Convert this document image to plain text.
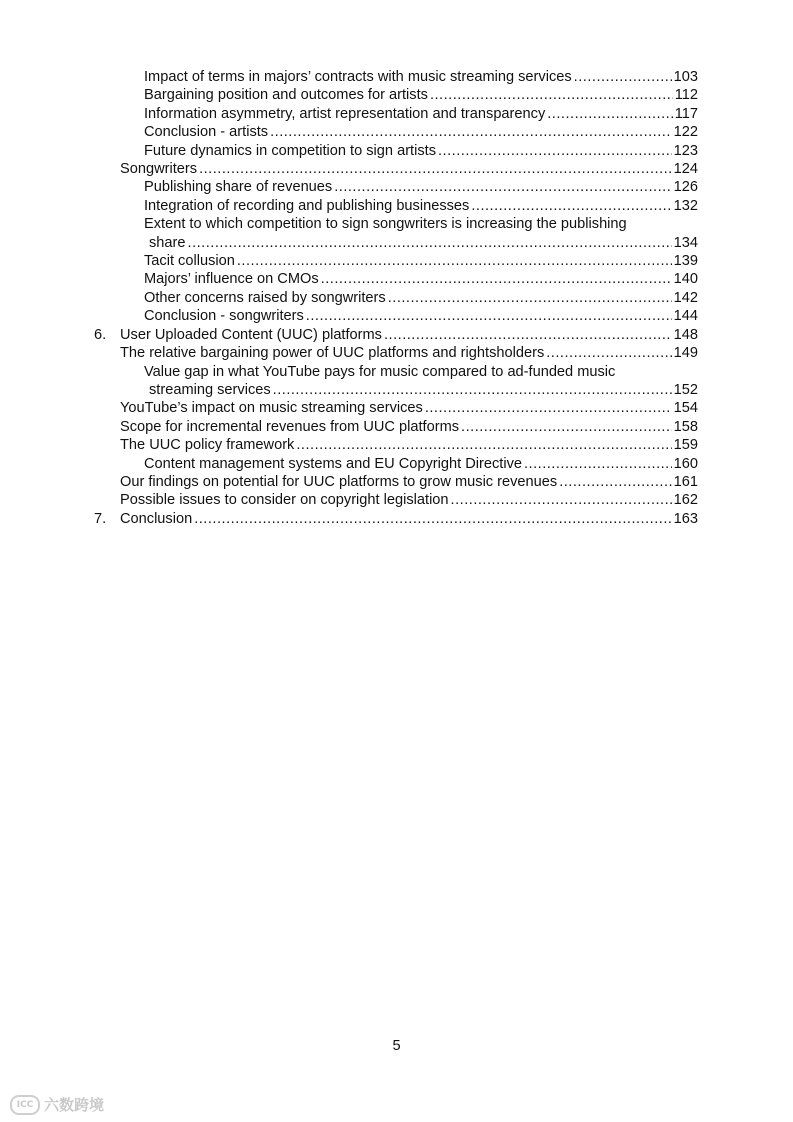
Impact of terms in majors’ contracts with music streaming services .....	103
Bargaining position and outcomes for artists .....	112
Information asymmetry, artist representation and transparency .....	117
Conclusion - artists .....	122
Future dynamics in competition to sign artists .....	123
Songwriters .....	124
Publishing share of revenues .....	126
Integration of recording and publishing businesses .....	132
Extent to which competition to sign songwriters is increasing the publishing
share .....	134
Tacit collusion .....	139
Majors’ influence on CMOs .....	140
Other concerns raised by songwriters .....	142
Conclusion - songwriters .....	144
6. User Uploaded Content (UUC) platforms .....	148
The relative bargaining power of UUC platforms and rightsholders .....	149
Value gap in what YouTube pays for music compared to ad-funded music
streaming services .....	152
YouTube’s impact on music streaming services .....	154
Scope for incremental revenues from UUC platforms .....	158
The UUC policy framework .....	159
Content management systems and EU Copyright Directive .....	160
Our findings on potential for UUC platforms to grow music revenues .....	161
Possible issues to consider on copyright legislation .....	162
7. Conclusion .....	163
5
ICC 六数跨境
